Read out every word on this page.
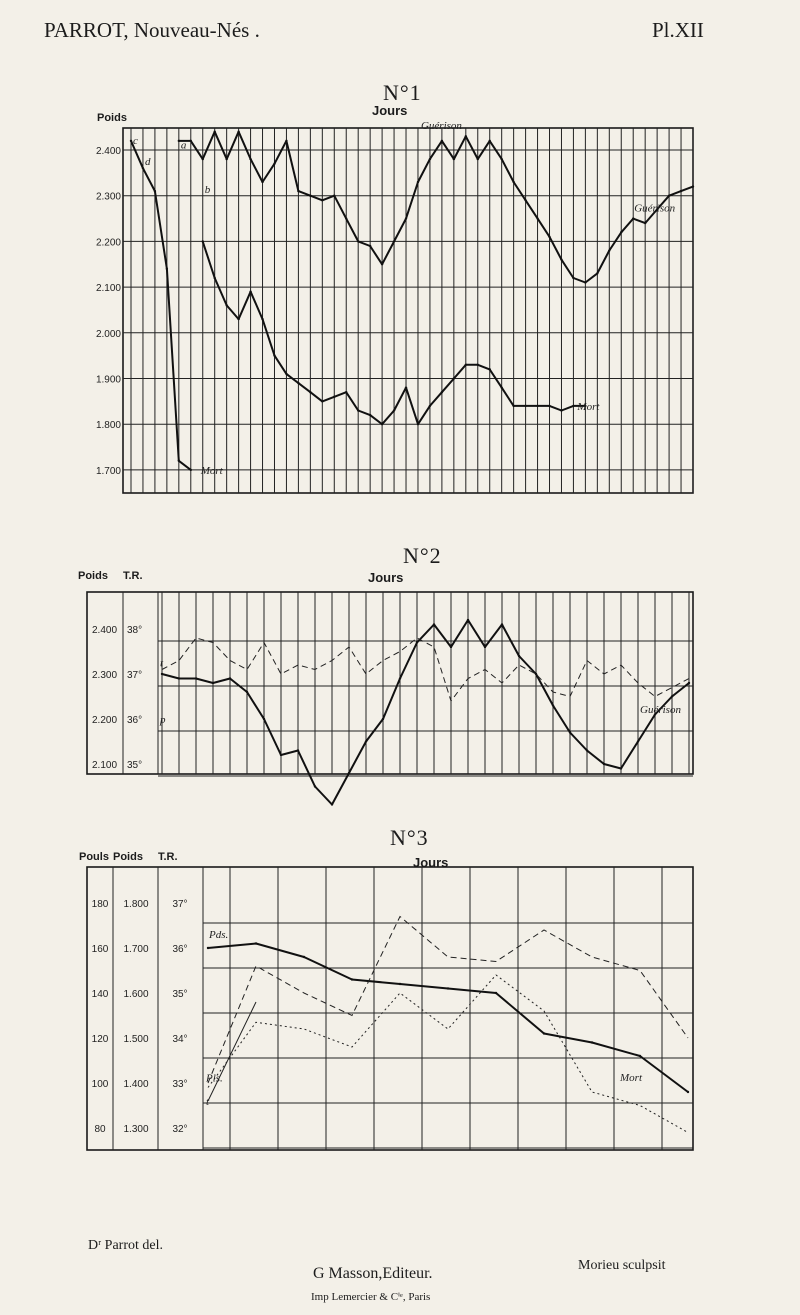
PARROT, Nouveau-Nés .	Pl.XII
N°1
Poids	Jours
N°2
Poids T.R.	Jours
N°3
Pouls Poids T.R.	Jours
2.400
2.300
2.200
2.100
2.000
1.900
1.800
1.700
c
d
a
b
Guérison
Guérison
Mort
Mort
2.400 38°
2.300 37°
2.200 36°
2.100 35°
t
p
Guérison
180 1.800 37°
160 1.700 36°
140 1.600 35°
120 1.500 34°
100 1.400 33°
80 1.300 32°
Pds.
Pls.
t
Mort
Dʳ Parrot del.
Morieu sculpsit
G Masson,Editeur.
Imp Lemercier & Cⁱᵉ, Paris
